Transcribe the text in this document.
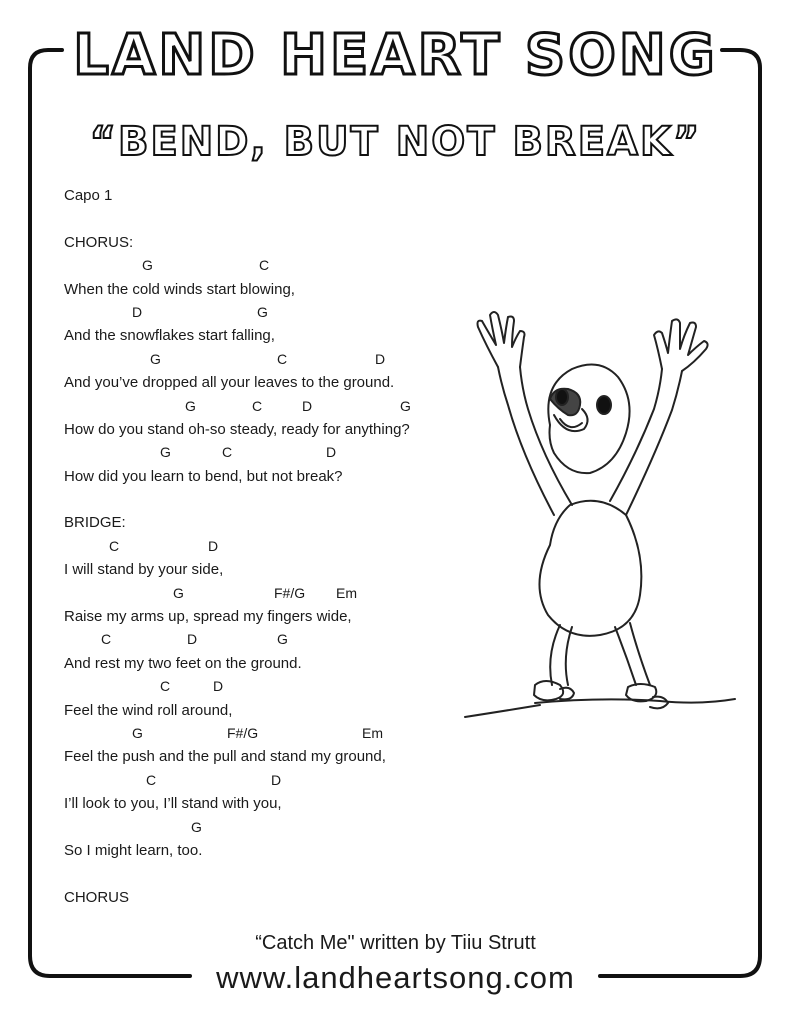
LAND HEART SONG
“BEND, BUT NOT BREAK”
Capo 1
CHORUS:
G	C
When the cold winds start blowing,
D	G
And the snowflakes start falling,
G	C	D
And you’ve dropped all your leaves to the ground.
G	C	D	G
How do you stand oh-so steady, ready for anything?
G	C	D
How did you learn to bend, but not break?
BRIDGE:
C	D
I will stand by your side,
G	F#/G Em
Raise my arms up, spread my fingers wide,
C	D	G
And rest my two feet on the ground.
C	D
Feel the wind roll around,
G	F#/G	Em
Feel the push and the pull and stand my ground,
C	D
I’ll look to you, I’ll stand with you,
G
So I might learn, too.
CHORUS
“Catch Me" written by Tiiu Strutt
www.landheartsong.com
